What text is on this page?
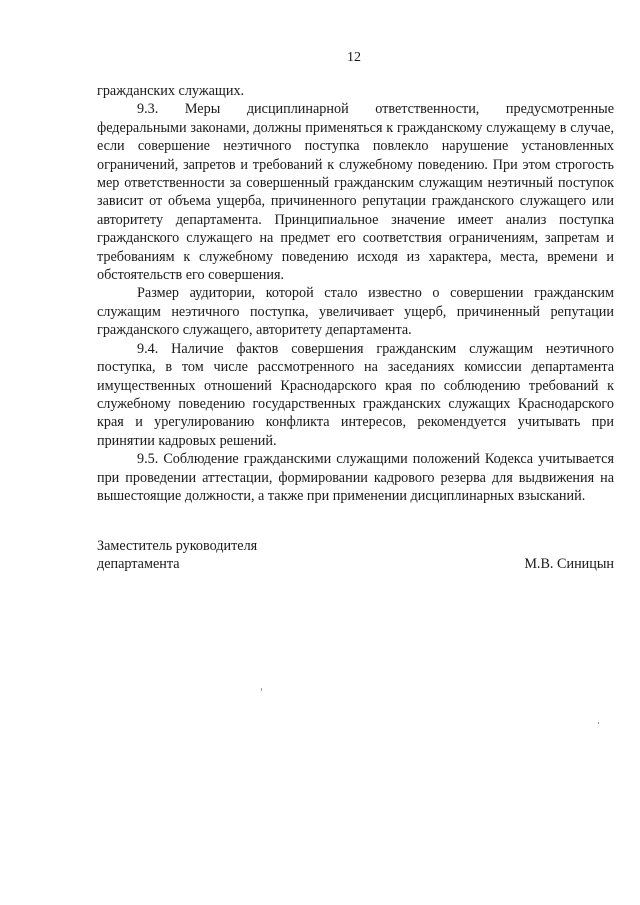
12

гражданских служащих.

9.3. Меры дисциплинарной ответственности, предусмотренные федеральными законами, должны применяться к гражданскому служащему в случае, если совершение неэтичного поступка повлекло нарушение установленных ограничений, запретов и требований к служебному поведению. При этом строгость мер ответственности за совершенный гражданским служащим неэтичный поступок зависит от объема ущерба, причиненного репутации гражданского служащего или авторитету департамента. Принципиальное значение имеет анализ поступка гражданского служащего на предмет его соответствия ограничениям, запретам и требованиям к служебному поведению исходя из характера, места, времени и обстоятельств его совершения.

Размер аудитории, которой стало известно о совершении гражданским служащим неэтичного поступка, увеличивает ущерб, причиненный репутации гражданского служащего, авторитету департамента.

9.4. Наличие фактов совершения гражданским служащим неэтичного поступка, в том числе рассмотренного на заседаниях комиссии департамента имущественных отношений Краснодарского края по соблюдению требований к служебному поведению государственных гражданских служащих Краснодарского края и урегулированию конфликта интересов, рекомендуется учитывать при принятии кадровых решений.

9.5. Соблюдение гражданскими служащими положений Кодекса учитывается при проведении аттестации, формировании кадрового резерва для выдвижения на вышестоящие должности, а также при применении дисциплинарных взысканий.

Заместитель руководителя
департамента	М.В. Синицын
